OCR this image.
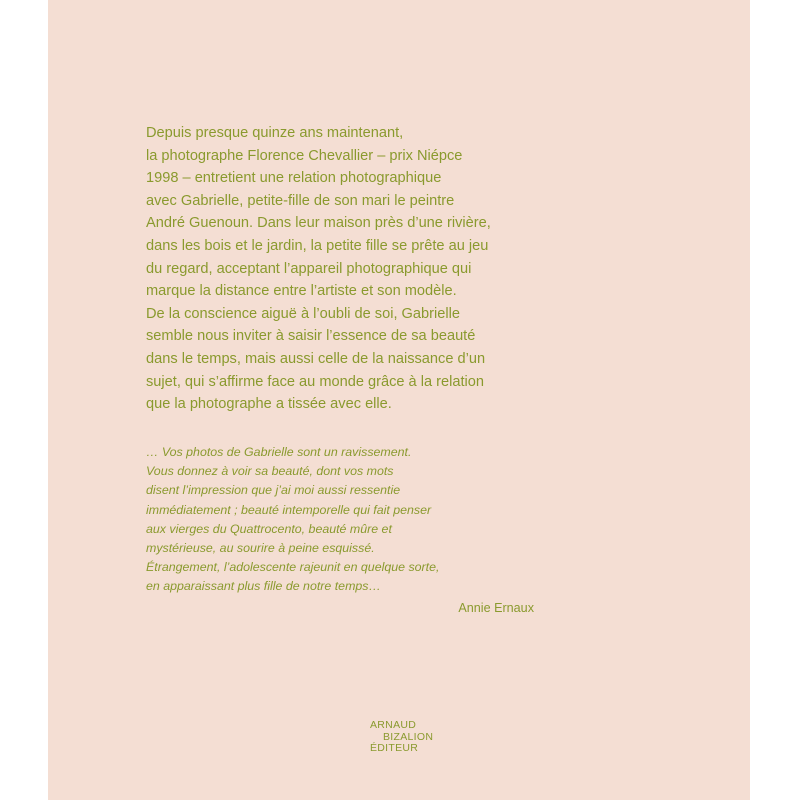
Depuis presque quinze ans maintenant,
la photographe Florence Chevallier – prix Niépce
1998 – entretient une relation photographique
avec Gabrielle, petite-fille de son mari le peintre
André Guenoun. Dans leur maison près d’une rivière,
dans les bois et le jardin, la petite fille se prête au jeu
du regard, acceptant l’appareil photographique qui
marque la distance entre l’artiste et son modèle.
De la conscience aiguë à l’oubli de soi, Gabrielle
semble nous inviter à saisir l’essence de sa beauté
dans le temps, mais aussi celle de la naissance d’un
sujet, qui s’affirme face au monde grâce à la relation
que la photographe a tissée avec elle.
… Vos photos de Gabrielle sont un ravissement.
Vous donnez à voir sa beauté, dont vos mots
disent l’impression que j’ai moi aussi ressentie
immédiatement ; beauté intemporelle qui fait penser
aux vierges du Quattrocento, beauté mûre et
mystérieuse, au sourire à peine esquissé.
Étrangement, l’adolescente rajeunit en quelque sorte,
en apparaissant plus fille de notre temps…
Annie Ernaux
ARNAUD
BIZALION
ÉDITEUR
